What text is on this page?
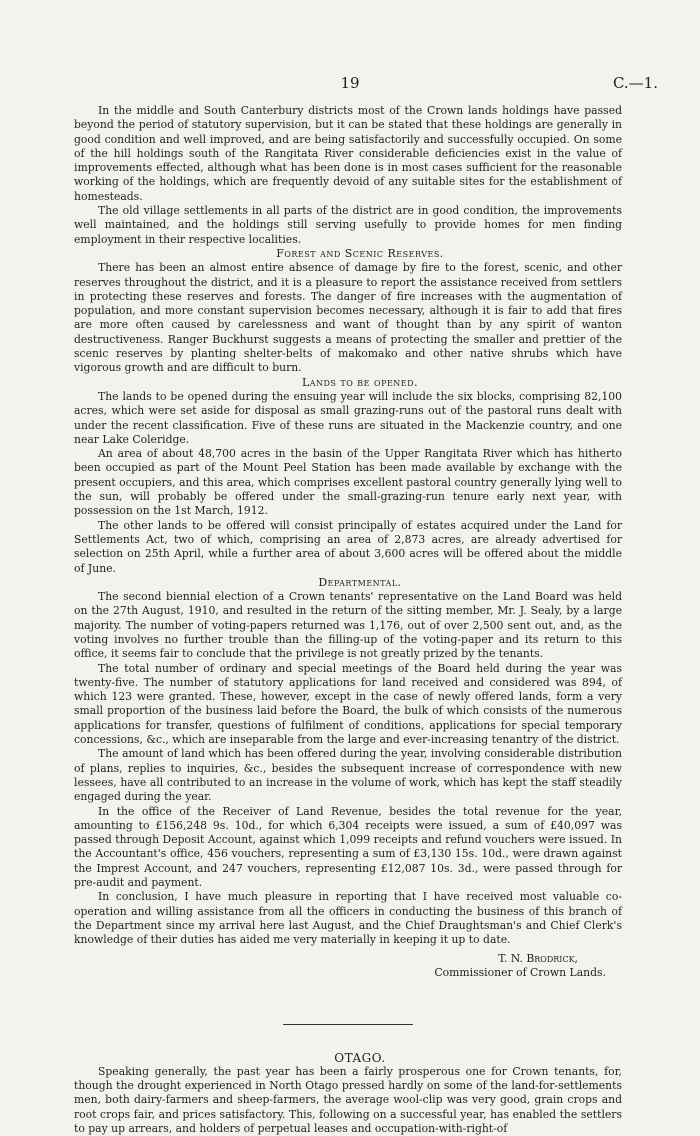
19	C.—1.

In the middle and South Canterbury districts most of the Crown lands holdings have passed beyond the period of statutory supervision, but it can be stated that these holdings are generally in good condition and well improved, and are being satisfactorily and successfully occupied. On some of the hill holdings south of the Rangitata River considerable deficiencies exist in the value of improvements effected, although what has been done is in most cases sufficient for the reasonable working of the holdings, which are frequently devoid of any suitable sites for the establishment of homesteads.

The old village settlements in all parts of the district are in good condition, the improvements well maintained, and the holdings still serving usefully to provide homes for men finding employment in their respective localities.

Forest and Scenic Reserves.

There has been an almost entire absence of damage by fire to the forest, scenic, and other reserves throughout the district, and it is a pleasure to report the assistance received from settlers in protecting these reserves and forests. The danger of fire increases with the augmentation of population, and more constant supervision becomes necessary, although it is fair to add that fires are more often caused by carelessness and want of thought than by any spirit of wanton destructiveness. Ranger Buckhurst suggests a means of protecting the smaller and prettier of the scenic reserves by planting shelter-belts of makomako and other native shrubs which have vigorous growth and are difficult to burn.

Lands to be opened.

The lands to be opened during the ensuing year will include the six blocks, comprising 82,100 acres, which were set aside for disposal as small grazing-runs out of the pastoral runs dealt with under the recent classification. Five of these runs are situated in the Mackenzie country, and one near Lake Coleridge.

An area of about 48,700 acres in the basin of the Upper Rangitata River which has hitherto been occupied as part of the Mount Peel Station has been made available by exchange with the present occupiers, and this area, which comprises excellent pastoral country generally lying well to the sun, will probably be offered under the small-grazing-run tenure early next year, with possession on the 1st March, 1912.

The other lands to be offered will consist principally of estates acquired under the Land for Settlements Act, two of which, comprising an area of 2,873 acres, are already advertised for selection on 25th April, while a further area of about 3,600 acres will be offered about the middle of June.

Departmental.

The second biennial election of a Crown tenants' representative on the Land Board was held on the 27th August, 1910, and resulted in the return of the sitting member, Mr. J. Sealy, by a large majority. The number of voting-papers returned was 1,176, out of over 2,500 sent out, and, as the voting involves no further trouble than the filling-up of the voting-paper and its return to this office, it seems fair to conclude that the privilege is not greatly prized by the tenants.

The total number of ordinary and special meetings of the Board held during the year was twenty-five. The number of statutory applications for land received and considered was 894, of which 123 were granted. These, however, except in the case of newly offered lands, form a very small proportion of the business laid before the Board, the bulk of which consists of the numerous applications for transfer, questions of fulfilment of conditions, applications for special temporary concessions, &c., which are inseparable from the large and ever-increasing tenantry of the district.

The amount of land which has been offered during the year, involving considerable distribution of plans, replies to inquiries, &c., besides the subsequent increase of correspondence with new lessees, have all contributed to an increase in the volume of work, which has kept the staff steadily engaged during the year.

In the office of the Receiver of Land Revenue, besides the total revenue for the year, amounting to £156,248 9s. 10d., for which 6,304 receipts were issued, a sum of £40,097 was passed through Deposit Account, against which 1,099 receipts and refund vouchers were issued. In the Accountant's office, 456 vouchers, representing a sum of £3,130 15s. 10d., were drawn against the Imprest Account, and 247 vouchers, representing £12,087 10s. 3d., were passed through for pre-audit and payment.

In conclusion, I have much pleasure in reporting that I have received most valuable co-operation and willing assistance from all the officers in conducting the business of this branch of the Department since my arrival here last August, and the Chief Draughtsman's and Chief Clerk's knowledge of their duties has aided me very materially in keeping it up to date.

T. N. Brodrick,
Commissioner of Crown Lands.

OTAGO.

Speaking generally, the past year has been a fairly prosperous one for Crown tenants, for, though the drought experienced in North Otago pressed hardly on some of the land-for-settlements men, both dairy-farmers and sheep-farmers, the average wool-clip was very good, grain crops and root crops fair, and prices satisfactory. This, following on a successful year, has enabled the settlers to pay up arrears, and holders of perpetual leases and occupation-with-right-of
